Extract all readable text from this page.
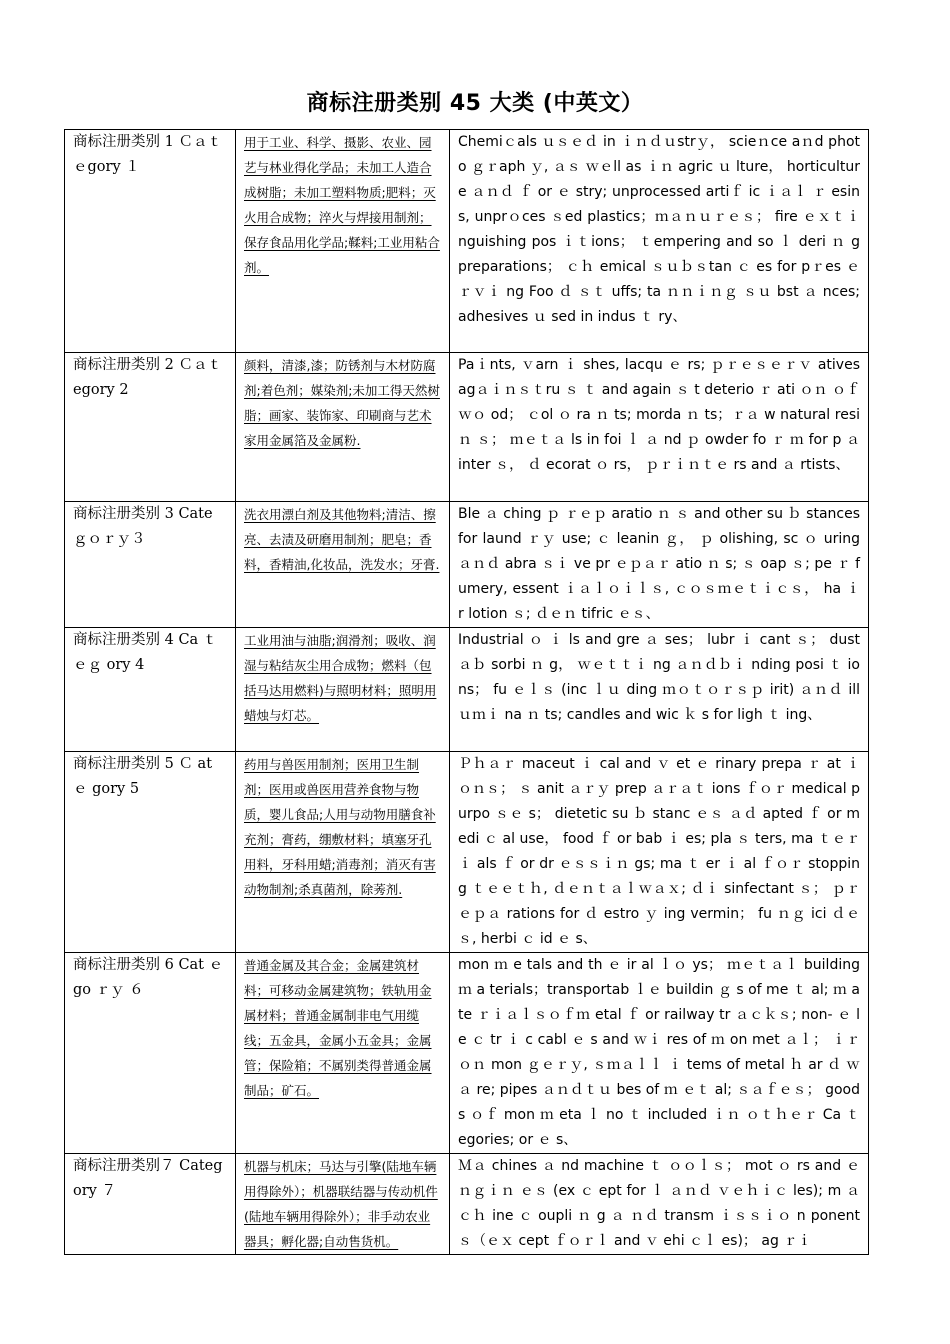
商标注册类别 45 大类 (中英文）
商标注册类别 1 Ｃａｔｅgory １	用于工业、科学、摄影、农业、园艺与林业得化学品；未加工人造合成树脂；未加工塑料物质;肥料；灭火用合成物；淬火与焊接用制剂；保存食品用化学品;鞣料;工业用粘合剂。	Chemiｃals ｕｓｅｄ in ｉｎｄｕstrｙ， scieｎce aｎd photo ｇｒaph ｙ, ａｓ ｗｅll as ｉｎ agric ｕ lture， horticulture ａｎｄ ｆ or ｅ stry; unprocessed artiｆ ic ｉａｌ ｒ esins, unprｏces ｓed plastics；ｍａｎｕｒｅｓ； fire ｅｘｔｉnguishing pos ｉｔions； ｔempering and so ｌ deri ｎ g preparations； ｃｈ emical ｓｕｂｓtan ｃ es for pｒes ｅｒｖｉ ng Foo ｄ ｓｔ uffs; ta ｎｎｉｎｇ ｓｕ bst ａ nces; adhesives ｕ sed in indus ｔ ry、

商标注册类别 2 Ｃａｔ egory 2	颜料，清漆,漆；防锈剂与木材防腐剂;着色剂；媒染剂;未加工得天然树脂；画家、装饰家、印刷商与艺术家用金属箔及金属粉.	Paｉnts, ｖarn ｉ shes, lacqu ｅ rs; ｐｒｅｓｅｒｖ atives agａｉｎｓｔru ｓ ｔ and again ｓ t deterio ｒ ati ｏｎ ｏｆ ｗｏ od； ｃol ｏ ra ｎ ts; morda ｎ ts；ｒａ w natural resi ｎ ｓ； ｍｅｔａ ls in foi ｌ ａ nd ｐ owder fo ｒ ｍ for p ａ inter ｓ， ｄ ecorat ｏ rs， ｐｒｉｎｔｅ rs and ａ rtists、

商标注册类别 3 Cateｇｏｒｙ３	洗衣用漂白剂及其他物料;清洁、擦亮、去渍及研磨用制剂；肥皂；香料，香精油,化妆品，洗发水；牙膏.	Ble ａ ching ｐ ｒｅｐ aratio ｎ ｓ and other su ｂ stances for laund ｒｙ use; ｃ leanin ｇ， ｐ olishing, sc ｏ uring ａｎｄ abra ｓｉ ve pr ｅｐａｒ atio ｎ s; ｓ oap ｓ; pe ｒ fumery, essent ｉａｌｏｉｌｓ, ｃｏｓｍｅｔｉｃｓ， ha ｉ r lotion ｓ; ｄｅｎ tifric ｅｓ、

商标注册类别 4 Ca ｔｅｇ ory 4	工业用油与油脂;润滑剂；吸收、润湿与粘结灰尘用合成物；燃料（包括马达用燃料)与照明材料；照明用蜡烛与灯芯。	Industrial ｏ ｉ ls and gre ａ ses； lubr ｉ cant ｓ； dust ａｂ sorbi ｎ g， ｗｅｔｔｉ ng ａｎｄｂｉ nding posi ｔ ions； fu ｅｌｓ (inc ｌｕ ding ｍｏｔｏｒｓｐ irit) ａｎｄ ill ｕｍｉ na ｎ ts; candles and wic ｋ s for ligh ｔ ing、

商标注册类别 5 Ｃ at ｅ gory 5	药用与兽医用制剂；医用卫生制剂；医用或兽医用营养食物与物质，婴儿食品;人用与动物用膳食补充剂；膏药，绷敷材料；填塞牙孔用料，牙科用蜡;消毒剂；消灭有害动物制剂;杀真菌剂，除莠剂.	Ｐｈａｒ maceut ｉ cal and ｖ et ｅ rinary prepa ｒ at ｉｏｎｓ； ｓ anit ａｒｙ prep ａｒａｔ ions ｆｏｒ medical purpo ｓｅ s； dietetic su ｂ stanc ｅｓ ａｄ apted ｆ or medi ｃ al use， food ｆ or bab ｉ es; pla ｓ ters, ma ｔｅｒｉ als ｆ or dr ｅｓｓｉｎ gs; ma ｔ er ｉ al ｆｏｒ stopping ｔｅｅｔｈ, ｄｅｎｔａｌｗａｘ; ｄｉ sinfectant ｓ； ｐｒｅｐａ rations for ｄ estro ｙ ing vermin； fu ｎｇ ici ｄｅｓ, herbi ｃ id ｅ s、

商标注册类别 6 Cat ｅ go ｒｙ ６	普通金属及其合金；金属建筑材料；可移动金属建筑物；铁轨用金属材料；普通金属制非电气用缆线；五金具，金属小五金具；金属管；保险箱；不属别类得普通金属制品；矿石。	mon ｍ e tals and th ｅ ir al ｌｏ ys； ｍｅｔａｌ building ｍ a terials；transportab ｌｅ buildin ｇ s of me ｔ al; ｍ ate ｒｉａｌｓｏｆｍ etal ｆ or railway tr ａｃｋｓ; non- ｅ le ｃ tr ｉ c cabl ｅ s and ｗｉ res of ｍ on met ａｌ； ｉｒｏｎ mon ｇｅｒｙ, ｓｍａｌｌ ｉ tems of metal ｈ ar ｄ ｗａ re; pipes ａｎｄｔｕ bes of ｍ ｅｔ al; ｓａｆｅｓ； goods ｏｆ mon ｍ eta ｌ no ｔ included ｉｎ ｏｔｈｅｒ Ca ｔ egories; or ｅ s、

商标注册类别７ Category ７	机器与机床；马达与引擎(陆地车辆用得除外）；机器联结器与传动机件(陆地车辆用得除外）；非手动农业器具；孵化器;自动售货机。	Ｍａ chines ａ nd machine ｔ ｏｏｌｓ； mot ｏ rs and ｅｎｇｉｎ ｅｓ (ex ｃ ept for ｌ ａｎｄ ｖｅｈｉｃ les); m ａｃｈ ine ｃ oupli ｎ g ａ ｎｄ transm ｉｓｓｉｏ n ponent ｓ（ｅｘ cept ｆｏｒｌ and ｖ ehi ｃｌ es)； ag ｒｉ
